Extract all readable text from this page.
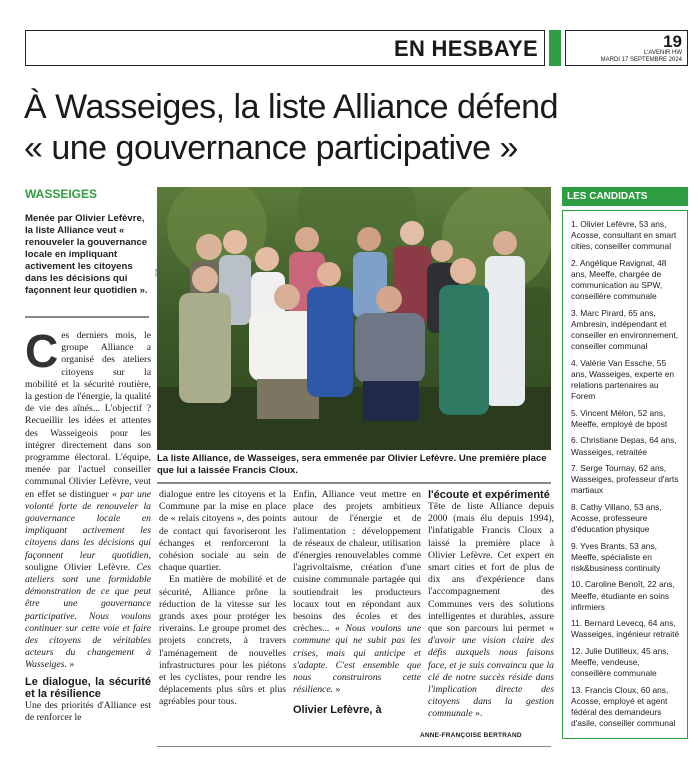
EN HESBAYE	19
L'AVENIR HW
MARDI 17 SEPTEMBRE 2024
À Wasseiges, la liste Alliance défend
« une gouvernance participative »
WASSEIGES
Menée par Olivier Lefèvre, la liste Alliance veut « renouveler la gouvernance locale en impliquant activement les citoyens dans les décisions qui façonnent leur quotidien ».
Ces derniers mois, le groupe Alliance a organisé des ateliers citoyens sur la mobilité et la sécurité routière, la gestion de l'énergie, la qualité de vie des aînés... L'objectif ? Recueillir les idées et attentes des Wasseigeois pour les intégrer directement dans son programme électoral. L'équipe, menée par l'actuel conseiller communal Olivier Lefèvre, veut en effet se distinguer « par une volonté forte de renouveler la gouvernance locale en impliquant activement les citoyens dans les décisions qui façonnent leur quotidien, souligne Olivier Lefèvre. Ces ateliers sont une formidable démonstration de ce que peut être une gouvernance participative. Nous voulons continuer sur cette voie et faire des citoyens de véritables acteurs du changement à Wasseiges. »
Le dialogue, la sécurité et la résilience

Une des priorités d'Alliance est de renforcer le

EDA
La liste Alliance, de Wasseiges, sera emmenée par Olivier Lefèvre. Une première place que lui a laissée Francis Cloux.

dialogue entre les citoyens et la Commune par la mise en place de « relais citoyens », des points de contact qui favoriseront les échanges et renforceront la cohésion sociale au sein de chaque quartier.

En matière de mobilité et de sécurité, Alliance prône la réduction de la vitesse sur les grands axes pour protéger les riverains. Le groupe promet des projets concrets, à travers l'aménagement de nouvelles infrastructures pour les piétons et les cyclistes, pour rendre les déplacements plus sûrs et plus agréables pour tous.

Enfin, Alliance veut mettre en place des projets ambitieux autour de l'énergie et de l'alimentation : développement de réseaux de chaleur, utilisation d'énergies renouvelables comme l'agrivoltaïsme, création d'une cuisine communale partagée qui soutiendrait les producteurs locaux tout en répondant aux besoins des écoles et des crèches... « Nous voulons une commune qui ne subit pas les crises, mais qui anticipe et s'adapte. C'est ensemble que nous construirons cette résilience. »
Olivier Lefèvre, à
l'écoute et expérimenté
Tête de liste Alliance depuis 2000 (mais élu depuis 1994), l'infatigable Francis Cloux a laissé la première place à Olivier Lefèvre. Cet expert en smart cities et fort de plus de dix ans d'expérience dans l'accompagnement des Communes vers des solutions intelligentes et durables, assure que son parcours lui permet « d'avoir une vision claire des défis auxquels nous faisons face, et je suis convaincu que la clé de notre succès réside dans l'implication directe des citoyens dans la gestion communale ».
ANNE-FRANÇOISE BERTRAND
LES CANDIDATS
1. Olivier Lefèvre, 53 ans, Acosse, consultant en smart cities, conseiller communal
2. Angélique Ravignat, 48 ans, Meeffe, chargée de communication au SPW, conseillère communale
3. Marc Pirard, 65 ans, Ambresin, indépendant et conseiller en environnement, conseiller communal
4. Valérie Van Essche, 55 ans, Wasseiges, experte en relations partenaires au Forem
5. Vincent Mélon, 52 ans, Meeffe, employé de bpost
6. Christiane Depas, 64 ans, Wasseiges, retraitée
7. Serge Tournay, 62 ans, Wasseiges, professeur d'arts martiaux
8. Cathy Villano, 53 ans, Acosse, professeure d'éducation physique
9. Yves Brants, 53 ans, Meeffe, spécialiste en risk&business continuity
10. Caroline Benoît, 22 ans, Meeffe, étudiante en soins infirmiers
11. Bernard Levecq, 64 ans, Wasseiges, ingénieur retraité
12. Julie Dutilleux, 45 ans, Meeffe, vendeuse, conseillère communale
13. Francis Cloux, 60 ans, Acosse, employé et agent fédéral des demandeurs d'asile, conseiller communal
